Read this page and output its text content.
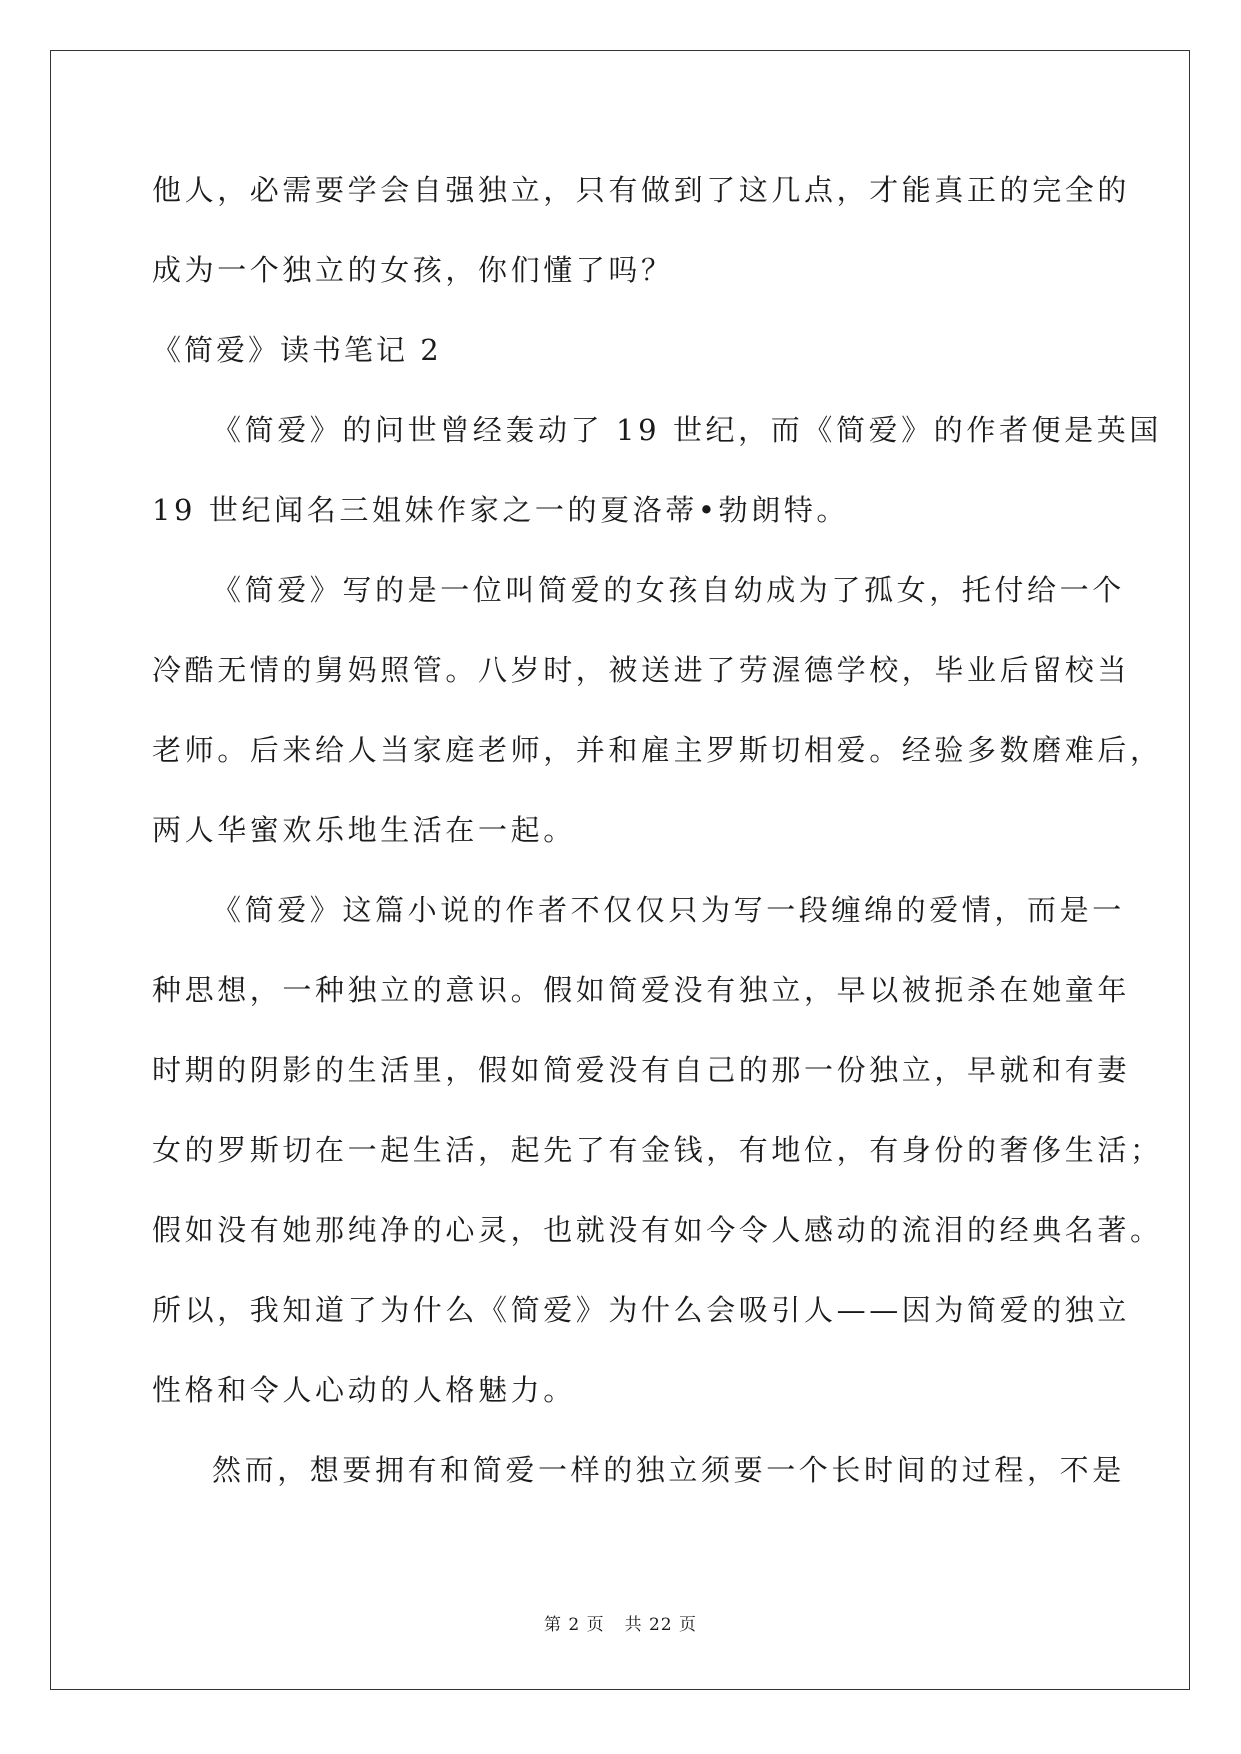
他人，必需要学会自强独立，只有做到了这几点，才能真正的完全的
成为一个独立的女孩，你们懂了吗？
《简爱》读书笔记 2
《简爱》的问世曾经轰动了 19 世纪，而《简爱》的作者便是英国
19 世纪闻名三姐妹作家之一的夏洛蒂•勃朗特。
《简爱》写的是一位叫简爱的女孩自幼成为了孤女，托付给一个
冷酷无情的舅妈照管。八岁时，被送进了劳渥德学校，毕业后留校当
老师。后来给人当家庭老师，并和雇主罗斯切相爱。经验多数磨难后，
两人华蜜欢乐地生活在一起。
《简爱》这篇小说的作者不仅仅只为写一段缠绵的爱情，而是一
种思想，一种独立的意识。假如简爱没有独立，早以被扼杀在她童年
时期的阴影的生活里，假如简爱没有自己的那一份独立，早就和有妻
女的罗斯切在一起生活，起先了有金钱，有地位，有身份的奢侈生活；
假如没有她那纯净的心灵，也就没有如今令人感动的流泪的经典名著。
所以，我知道了为什么《简爱》为什么会吸引人——因为简爱的独立
性格和令人心动的人格魅力。
然而，想要拥有和简爱一样的独立须要一个长时间的过程，不是
第 2 页 共 22 页
